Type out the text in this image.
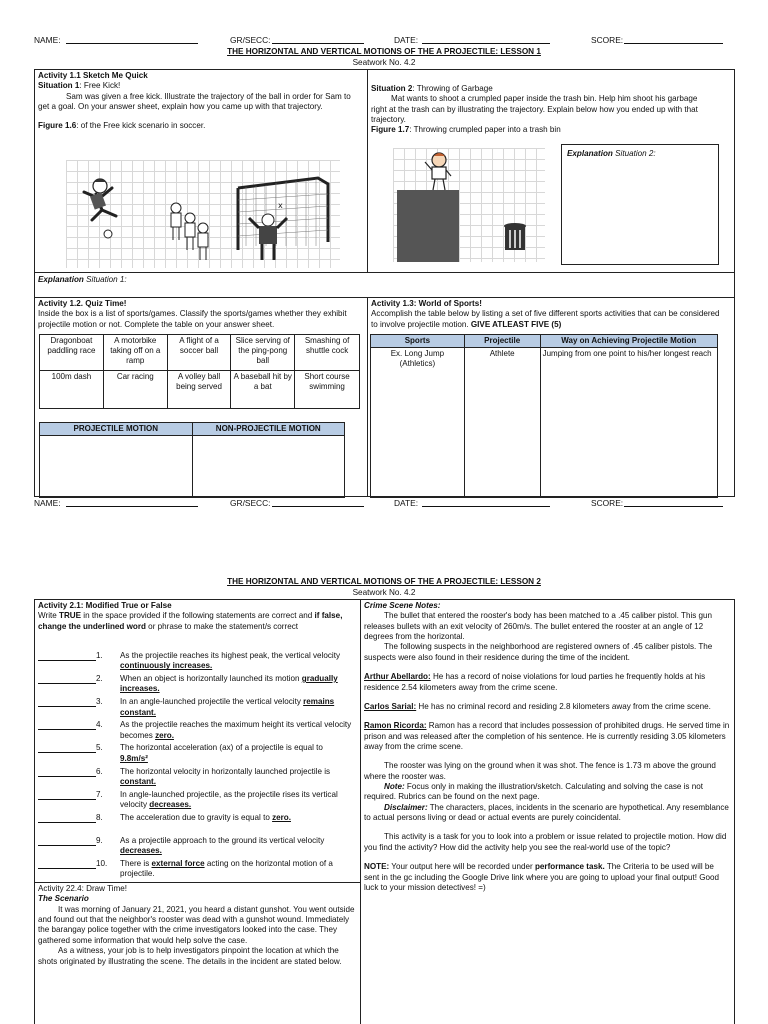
NAME:	GR/SECC:	DATE:	SCORE:
THE HORIZONTAL AND VERTICAL MOTIONS OF THE A PROJECTILE: LESSON 1
Seatwork No. 4.2
Activity 1.1 Sketch Me Quick
Situation 1: Free Kick!
Sam was given a free kick. Illustrate the trajectory of the ball in order for Sam to get a goal. On your answer sheet, explain how you came up with that trajectory.
Figure 1.6: of the Free kick scenario in soccer.
x
Explanation Situation 1:
Situation 2: Throwing of Garbage
Mat wants to shoot a crumpled paper inside the trash bin. Help him shoot his garbage right at the trash can by illustrating the trajectory. Explain below how you ended up with that trajectory.
Figure 1.7: Throwing crumpled paper into a trash bin
Explanation Situation 2:
Activity 1.2. Quiz Time!
Inside the box is a list of sports/games. Classify the sports/games whether they exhibit projectile motion or not. Complete the table on your answer sheet.
Dragonboat paddling race	A motorbike taking off on a ramp	A flight of a soccer ball	Slice serving of the ping-pong ball	Smashing of shuttle cock
100m dash	Car racing	A volley ball being served	A baseball hit by a bat	Short course swimming
PROJECTILE MOTION	NON-PROJECTILE MOTION

Activity 1.3: World of Sports!
Accomplish the table below by listing a set of five different sports activities that can be considered to involve projectile motion. GIVE ATLEAST FIVE (5)
Sports	Projectile	Way on Achieving Projectile Motion
Ex. Long Jump (Athletics)	Athlete	Jumping from one point to his/her longest reach

NAME:	GR/SECC:	DATE:	SCORE:
THE HORIZONTAL AND VERTICAL MOTIONS OF THE A PROJECTILE: LESSON 2
Seatwork No. 4.2
Activity 2.1: Modified True or False
Write TRUE in the space provided if the following statements are correct and if false, change the underlined word or phrase to make the statement/s correct
1. As the projectile reaches its highest peak, the vertical velocity continuously increases.
2. When an object is horizontally launched its motion gradually increases.
3. In an angle-launched projectile the vertical velocity remains constant.
4. As the projectile reaches the maximum height its vertical velocity becomes zero.
5. The horizontal acceleration (ax) of a projectile is equal to 9.8m/s²
6. The horizontal velocity in horizontally launched projectile is constant.
7. In angle-launched projectile, as the projectile rises its vertical velocity decreases.
8. The acceleration due to gravity is equal to zero.
9. As a projectile approach to the ground its vertical velocity decreases.
10. There is external force acting on the horizontal motion of a projectile.
Activity 22.4: Draw Time!
The Scenario
It was morning of January 21, 2021, you heard a distant gunshot. You went outside and found out that the neighbor's rooster was dead with a gunshot wound. Immediately the barangay police together with the crime investigators looked into the case. They gathered some information that would help solve the case.
As a witness, your job is to help investigators pinpoint the location at which the shots originated by illustrating the scene. The details in the incident are stated below.
Crime Scene Notes:
The bullet that entered the rooster's body has been matched to a .45 caliber pistol. This gun releases bullets with an exit velocity of 260m/s. The bullet entered the rooster at an angle of 12 degrees from the horizontal.
The following suspects in the neighborhood are registered owners of .45 caliber pistols. The suspects were also found in their residence during the time of the incident.
Arthur Abellardo: He has a record of noise violations for loud parties he frequently holds at his residence 2.54 kilometers away from the crime scene.
Carlos Sarial: He has no criminal record and residing 2.8 kilometers away from the crime scene.
Ramon Ricorda: Ramon has a record that includes possession of prohibited drugs. He served time in prison and was released after the completion of his sentence. He is currently residing 3.05 kilometers away from the crime scene.
The rooster was lying on the ground when it was shot. The fence is 1.73 m above the ground where the rooster was.
Note: Focus only in making the illustration/sketch. Calculating and solving the case is not required. Rubrics can be found on the next page.
Disclaimer: The characters, places, incidents in the scenario are hypothetical. Any resemblance to actual persons living or dead or actual events are purely coincidental.
This activity is a task for you to look into a problem or issue related to projectile motion. How did you find the activity? How did the activity help you see the real-world use of the topic?
NOTE: Your output here will be recorded under performance task. The Criteria to be used will be sent in the gc including the Google Drive link where you are going to upload your final output! Good luck to your mission detectives! =)
